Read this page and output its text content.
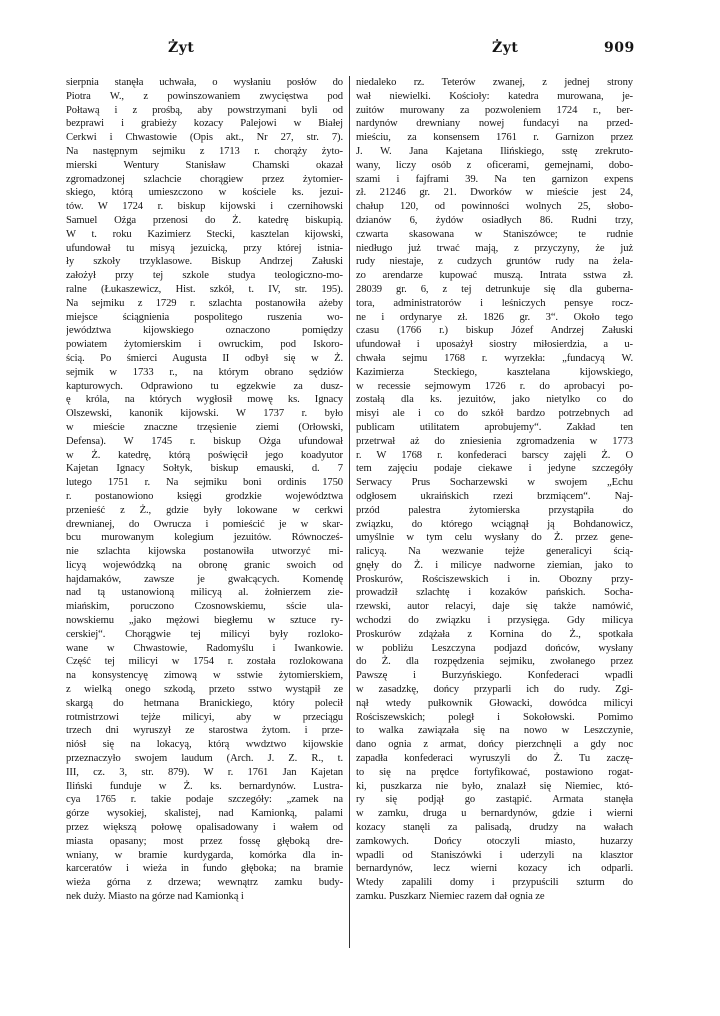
Żyt	Żyt	909
sierpnia stanęła uchwała, o wysłaniu posłów do
Piotra W., z powinszowaniem zwycięstwa pod
Połtawą i z prośbą, aby powstrzymani byli od
bezprawi i grabieży kozacy Palejowi w Białej
Cerkwi i Chwastowie (Opis akt., Nr 27, str. 7).
Na następnym sejmiku z 1713 r. chorąży żyto-
mierski Wentury Stanisław Chamski okazał
zgromadzonej szlachcie chorągiew przez żytomier-
skiego, którą umieszczono w kościele ks. jezui-
tów. W 1724 r. biskup kijowski i czernihowski
Samuel Ożga przenosi do Ż. katedrę biskupią.
W t. roku Kazimierz Stecki, kasztelan kijowski,
ufundował tu misyą jezuicką, przy której istnia-
ły szkoły trzyklasowe. Biskup Andrzej Załuski
założył przy tej szkole studya teologiczno-mo-
ralne (Łukaszewicz, Hist. szkół, t. IV, str. 195).
Na sejmiku z 1729 r. szlachta postanowiła ażeby
miejsce ściągnienia pospolitego ruszenia wo-
jewództwa kijowskiego oznaczono pomiędzy
powiatem żytomierskim i owruckim, pod Iskoro-
ścią. Po śmierci Augusta II odbył się w Ż.
sejmik w 1733 r., na którym obrano sędziów
kapturowych. Odprawiono tu egzekwie za dusz-
ę króla, na których wygłosił mowę ks. Ignacy
Olszewski, kanonik kijowski. W 1737 r. było
w mieście znaczne trzęsienie ziemi (Orłowski,
Defensa). W 1745 r. biskup Ożga ufundował
w Ż. katedrę, którą poświęcił jego koadyutor
Kajetan Ignacy Sołtyk, biskup emauski, d. 7
lutego 1751 r. Na sejmiku boni ordinis 1750
r. postanowiono księgi grodzkie województwa
przenieść z Ż., gdzie były lokowane w cerkwi
drewnianej, do Owrucza i pomieścić je w skar-
bcu murowanym kolegium jezuitów. Równocześ-
nie szlachta kijowska postanowiła utworzyć mi-
licyą wojewódzką na obronę granic swoich od
hajdamaków, zawsze je gwałcących. Komendę
nad tą ustanowioną milicyą al. żołnierzem zie-
miańskim, poruczono Czosnowskiemu, sście ula-
nowskiemu „jako mężowi biegłemu w sztuce ry-
cerskiej“. Chorągwie tej milicyi były rozloko-
wane w Chwastowie, Radomyślu i Iwankowie.
Część tej milicyi w 1754 r. została rozlokowana
na konsystencyę zimową w sstwie żytomierskiem,
z wielką onego szkodą, przeto sstwo wystąpił ze
skargą do hetmana Branickiego, który polecił
rotmistrzowi tejże milicyi, aby w przeciągu
trzech dni wyruszył ze starostwa żytom. i prze-
niósł się na lokacyą, którą wwdztwo kijowskie
przeznaczyło swojem laudum (Arch. J. Z. R., t.
III, cz. 3, str. 879). W r. 1761 Jan Kajetan
Iliński funduje w Ż. ks. bernardynów. Lustra-
cya 1765 r. takie podaje szczegóły: „zamek na
górze wysokiej, skalistej, nad Kamionką, palami
przez większą połowę opalisadowany i wałem od
miasta opasany; most przez fossę głęboką dre-
wniany, w bramie kurdygarda, komórka dla in-
karceratów i wieża in fundo głęboka; na bramie
wieża górna z drzewa; wewnątrz zamku budy-
nek duży. Miasto na górze nad Kamionką i
niedaleko rz. Teterów zwanej, z jednej strony
wał niewielki. Kościoły: katedra murowana, je-
zuitów murowany za pozwoleniem 1724 r., ber-
nardynów drewniany nowej fundacyi na przed-
mieściu, za konsensem 1761 r. Garnizon przez
J. W. Jana Kajetana Ilińskiego, sstę zrekruto-
wany, liczy osób z oficerami, gemejnami, dobo-
szami i fajframi 39. Na ten garnizon expens
zł. 21246 gr. 21. Dworków w mieście jest 24,
chałup 120, od powinności wolnych 25, słobo-
dzianów 6, żydów osiadłych 86. Rudni trzy,
czwarta skasowana w Staniszówce; te rudnie
niedługo już trwać mają, z przyczyny, że już
rudy niestaje, z cudzych gruntów rudy na żela-
zo arendarze kupować muszą. Intrata sstwa zł.
28039 gr. 6, z tej detrunkuje się dla guberna-
tora, administratorów i leśniczych pensye rocz-
ne i ordynarye zł. 1826 gr. 3“. Około tego
czasu (1766 r.) biskup Józef Andrzej Załuski
ufundował i uposażył siostry miłosierdzia, a u-
chwała sejmu 1768 r. wyrzekła: „fundacyą W.
Kazimierza Steckiego, kasztelana kijowskiego,
w recessie sejmowym 1726 r. do aprobacyi po-
zostałą dla ks. jezuitów, jako nietylko co do
misyi ale i co do szkół bardzo potrzebnych ad
publicam utilitatem aprobujemy“. Zakład ten
przetrwał aż do zniesienia zgromadzenia w 1773
r. W 1768 r. konfederaci barscy zajęli Ż. O
tem zajęciu podaje ciekawe i jedyne szczegóły
Serwacy Prus Socharzewski w swojem „Echu
odgłosem ukraińskich rzezi brzmiącem“. Naj-
przód palestra żytomierska przystąpiła do
związku, do którego wciągnął ją Bohdanowicz,
umyślnie w tym celu wysłany do Ż. przez gene-
ralicyą. Na wezwanie tejże generalicyi ścią-
gnęły do Ż. i milicye nadworne ziemian, jako to
Proskurów, Rościszewskich i in. Obozny przy-
prowadził szlachtę i kozaków pańskich. Socha-
rzewski, autor relacyi, daje się także namówić,
wchodzi do związku i przysięga. Gdy milicya
Proskurów zdążała z Kornina do Ż., spotkała
w pobliżu Leszczyna podjazd dońców, wysłany
do Ż. dla rozpędzenia sejmiku, zwołanego przez
Pawszę i Burzyńskiego. Konfederaci wpadli
w zasadzkę, dońcy przyparli ich do rudy. Zgi-
nął wtedy pułkownik Głowacki, dowódca milicyi
Rościszewskich; poległ i Sokołowski. Pomimo
to walka zawiązała się na nowo w Leszczynie,
dano ognia z armat, dońcy pierzchnęli a gdy noc
zapadła konfederaci wyruszyli do Ż. Tu zaczę-
to się na prędce fortyfikować, postawiono rogat-
ki, puszkarza nie było, znalazł się Niemiec, któ-
ry się podjął go zastąpić. Armata stanęła
w zamku, druga u bernardynów, gdzie i wierni
kozacy stanęli za palisadą, drudzy na wałach
zamkowych. Dońcy otoczyli miasto, huzarzy
wpadli od Staniszówki i uderzyli na klasztor
bernardynów, lecz wierni kozacy ich odparli.
Wtedy zapalili domy i przypuścili szturm do
zamku. Puszkarz Niemiec razem dał ognia ze
